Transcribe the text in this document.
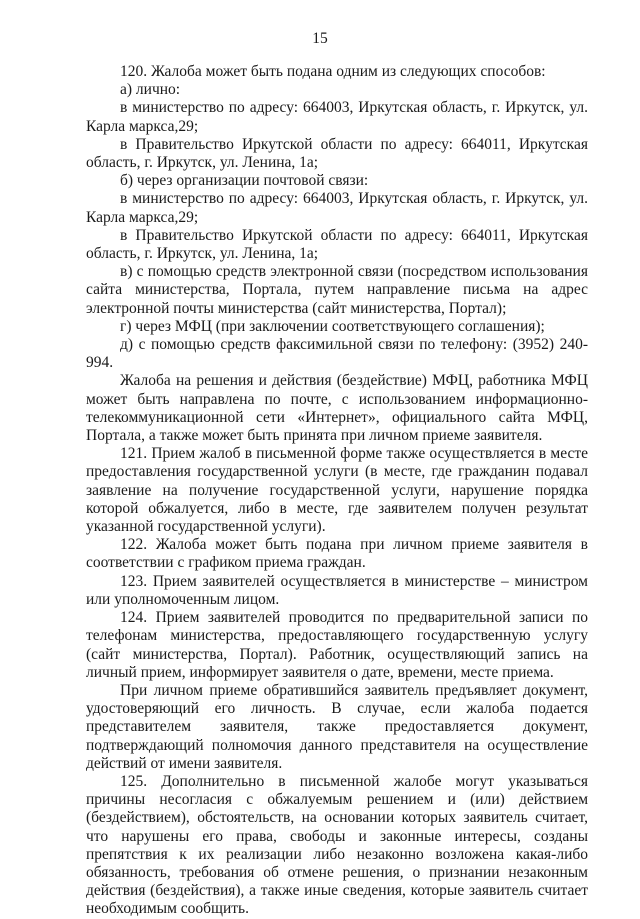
15

120. Жалоба может быть подана одним из следующих способов:

а) лично:

в министерство по адресу: 664003, Иркутская область, г. Иркутск, ул. Карла маркса,29;

в Правительство Иркутской области по адресу: 664011, Иркутская область, г. Иркутск, ул. Ленина, 1а;

б) через организации почтовой связи:

в министерство по адресу: 664003, Иркутская область, г. Иркутск, ул. Карла маркса,29;

в Правительство Иркутской области по адресу: 664011, Иркутская область, г. Иркутск, ул. Ленина, 1а;

в) с помощью средств электронной связи (посредством использования сайта министерства, Портала, путем направление письма на адрес электронной почты министерства (сайт министерства, Портал);

г) через МФЦ (при заключении соответствующего соглашения);

д) с помощью средств факсимильной связи по телефону: (3952) 240-994.

Жалоба на решения и действия (бездействие) МФЦ, работника МФЦ может быть направлена по почте, с использованием информационно-телекоммуникационной сети «Интернет», официального сайта МФЦ, Портала, а также может быть принята при личном приеме заявителя.

121. Прием жалоб в письменной форме также осуществляется в месте предоставления государственной услуги (в месте, где гражданин подавал заявление на получение государственной услуги, нарушение порядка которой обжалуется, либо в месте, где заявителем получен результат указанной государственной услуги).

122. Жалоба может быть подана при личном приеме заявителя в соответствии с графиком приема граждан.

123. Прием заявителей осуществляется в министерстве – министром или уполномоченным лицом.

124. Прием заявителей проводится по предварительной записи по телефонам министерства, предоставляющего государственную услугу (сайт министерства, Портал). Работник, осуществляющий запись на личный прием, информирует заявителя о дате, времени, месте приема.

При личном приеме обратившийся заявитель предъявляет документ, удостоверяющий его личность. В случае, если жалоба подается представителем заявителя, также предоставляется документ, подтверждающий полномочия данного представителя на осуществление действий от имени заявителя.

125. Дополнительно в письменной жалобе могут указываться причины несогласия с обжалуемым решением и (или) действием (бездействием), обстоятельств, на основании которых заявитель считает, что нарушены его права, свободы и законные интересы, созданы препятствия к их реализации либо незаконно возложена какая-либо обязанность, требования об отмене решения, о признании незаконным действия (бездействия), а также иные сведения, которые заявитель считает необходимым сообщить.
